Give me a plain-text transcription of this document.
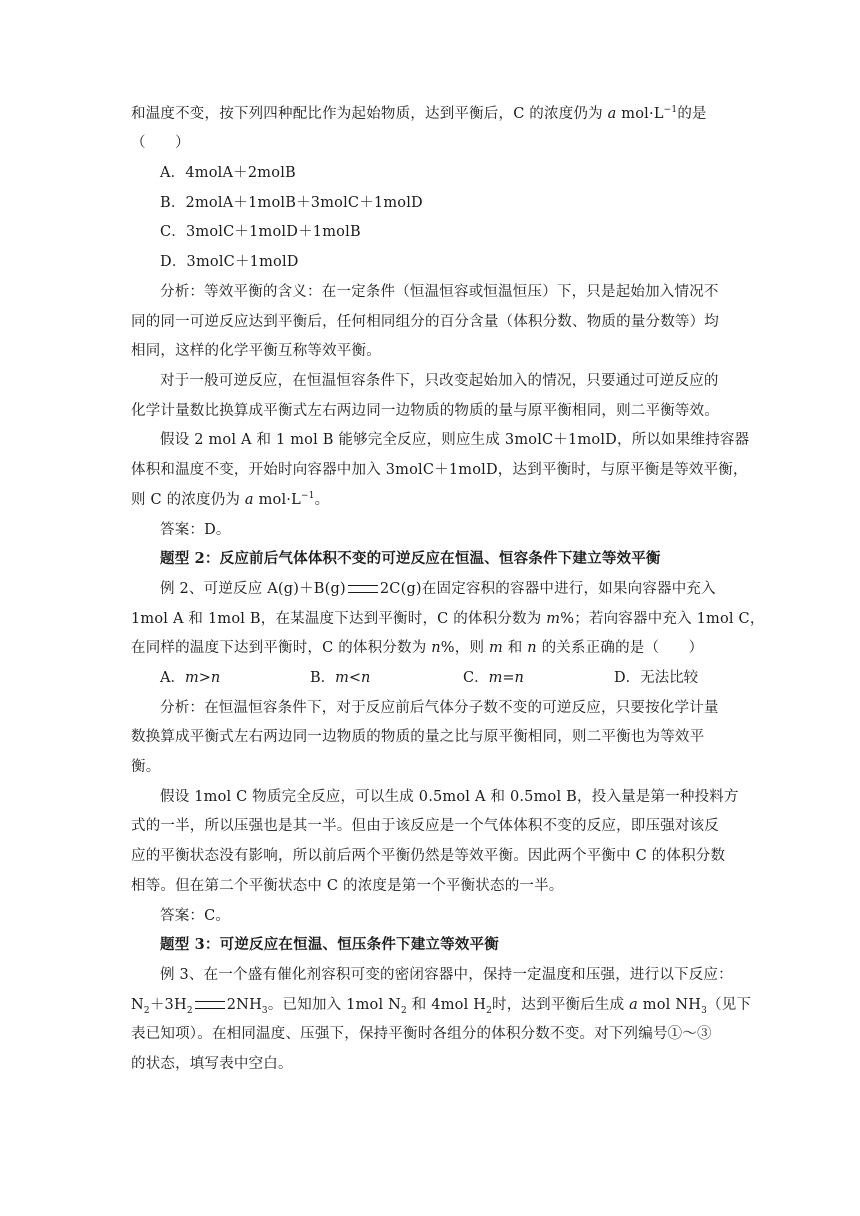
和温度不变，按下列四种配比作为起始物质，达到平衡后，C 的浓度仍为 a $mol\cdot L^{-1}$的是
（　　）
A．4molA＋2molB
B．2molA＋1molB＋3molC＋1molD
C．3molC＋1molD＋1molB
D．3molC＋1molD
分析：等效平衡的含义：在一定条件（恒温恒容或恒温恒压）下，只是起始加入情况不
同的同一可逆反应达到平衡后，任何相同组分的百分含量（体积分数、物质的量分数等）均
相同，这样的化学平衡互称等效平衡。
对于一般可逆反应，在恒温恒容条件下，只改变起始加入的情况，只要通过可逆反应的
化学计量数比换算成平衡式左右两边同一边物质的物质的量与原平衡相同，则二平衡等效。
假设 2 mol A 和 1 mol B 能够完全反应，则应生成 3molC＋1molD，所以如果维持容器
体积和温度不变，开始时向容器中加入 3molC＋1molD，达到平衡时，与原平衡是等效平衡，
则 C 的浓度仍为 a $mol\cdot L^{-1}$。
答案：D。
题型 2：反应前后气体体积不变的可逆反应在恒温、恒容条件下建立等效平衡
例 2、可逆反应 A(g)＋B(g) 2C(g)在固定容积的容器中进行，如果向容器中充入
1mol A 和 1mol B，在某温度下达到平衡时，C 的体积分数为 m%；若向容器中充入 1mol C，
在同样的温度下达到平衡时，C 的体积分数为 n%，则 m 和 n 的关系正确的是（　　）
A．m>n	B．m<n	C．m=n	D．无法比较
分析：在恒温恒容条件下，对于反应前后气体分子数不变的可逆反应，只要按化学计量
数换算成平衡式左右两边同一边物质的物质的量之比与原平衡相同，则二平衡也为等效平
衡。
假设 1mol C 物质完全反应，可以生成 0.5mol A 和 0.5mol B，投入量是第一种投料方
式的一半，所以压强也是其一半。但由于该反应是一个气体体积不变的反应，即压强对该反
应的平衡状态没有影响，所以前后两个平衡仍然是等效平衡。因此两个平衡中 C 的体积分数
相等。但在第二个平衡状态中 C 的浓度是第一个平衡状态的一半。
答案：C。
题型 3：可逆反应在恒温、恒压条件下建立等效平衡
例 3、在一个盛有催化剂容积可变的密闭容器中，保持一定温度和压强，进行以下反应：
$N_2+3H_2$ $2NH_3$。已知加入 1mol $N_2$ 和 4mol $H_2$时，达到平衡后生成 a mol $NH_3$（见下
表已知项）。在相同温度、压强下，保持平衡时各组分的体积分数不变。对下列编号①～③
的状态，填写表中空白。
